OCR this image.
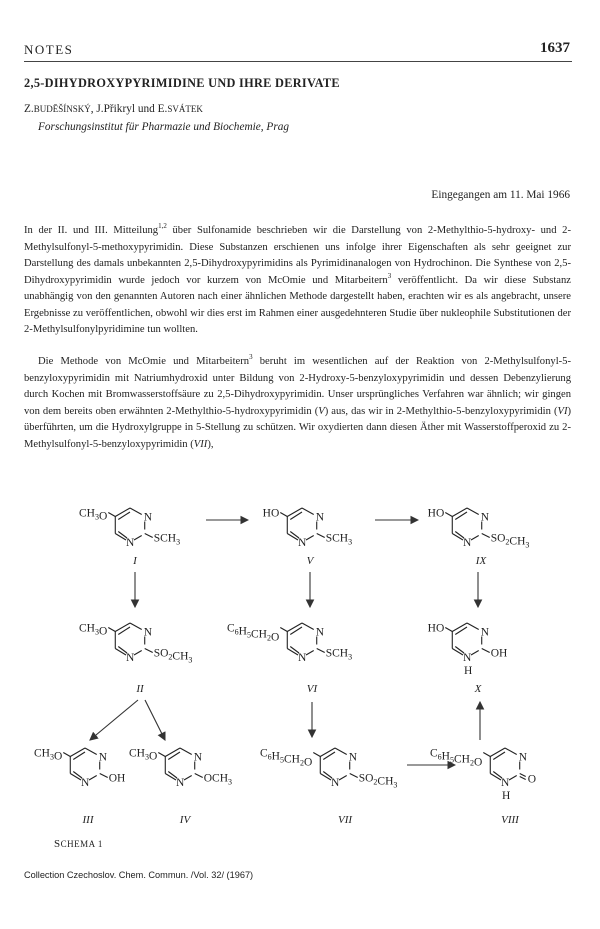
NOTES	1637
2,5-DIHYDROXYPYRIMIDINE UND IHRE DERIVATE
Z.BUDĔŠÍNSKÝ, J.Přikryl und E.SVÁTEK
Forschungsinstitut für Pharmazie und Biochemie, Prag
Eingegangen am 11. Mai 1966

In der II. und III. Mitteilung$^{1,2}$ über Sulfonamide beschrieben wir die Darstellung von 2-Methylthio-5-hydroxy- und 2-Methylsulfonyl-5-methoxypyrimidin. Diese Substanzen erschienen uns infolge ihrer Eigenschaften als sehr geeignet zur Darstellung des damals unbekannten 2,5-Dihydroxypyrimidins als Pyrimidinanalogen von Hydrochinon. Die Synthese von 2,5-Dihydroxypyrimidin wurde jedoch vor kurzem von McOmie und Mitarbeitern$^3$ veröffentlicht. Da wir diese Substanz unabhängig von den genannten Autoren nach einer ähnlichen Methode dargestellt haben, erachten wir es als angebracht, unsere Ergebnisse zu veröffentlichen, obwohl wir dies erst im Rahmen einer ausgedehnteren Studie über nukleophile Substitutionen der 2-Methylsulfonylpyridimine tun wollten.

Die Methode von McOmie und Mitarbeitern$^3$ beruht im wesentlichen auf der Reaktion von 2-Methylsulfonyl-5-benzyloxypyrimidin mit Natriumhydroxid unter Bildung von 2-Hydroxy-5-benzyloxypyrimidin und dessen Debenzylierung durch Kochen mit Bromwasserstoffsäure zu 2,5-Dihydroxypyrimidin. Unser ursprüngliches Verfahren war ähnlich; wir gingen von dem bereits oben erwähnten 2-Methylthio-5-hydroxypyrimidin (V) aus, das wir in 2-Methylthio-5-benzyloxypyrimidin (VI) überführten, um die Hydroxylgruppe in 5-Stellung zu schützen. Wir oxydierten dann diesen Äther mit Wasserstoffperoxid zu 2-Methylsulfonyl-5-benzyloxypyrimidin (VII),

N
N
$CH_3O$
$SCH_3$
N
N
HO
$SCH_3$
N
N
HO
$SO_2CH_3$
N
N
$CH_3O$
$SO_2CH_3$
N
N
$C_6H_5CH_2O$
$SCH_3$
N
N
H
HO
OH
N
N
$CH_3O$
OH
N
N
$CH_3O$
$OCH_3$
N
N
$C_6H_5CH_2O$
$SO_2CH_3$
N
N
H
$C_6H_5CH_2O$
O
I	V	IX
II	VI	X
III	IV	VII	VIII
SCHEMA 1
Collection Czechoslov. Chem. Commun. /Vol. 32/ (1967)
